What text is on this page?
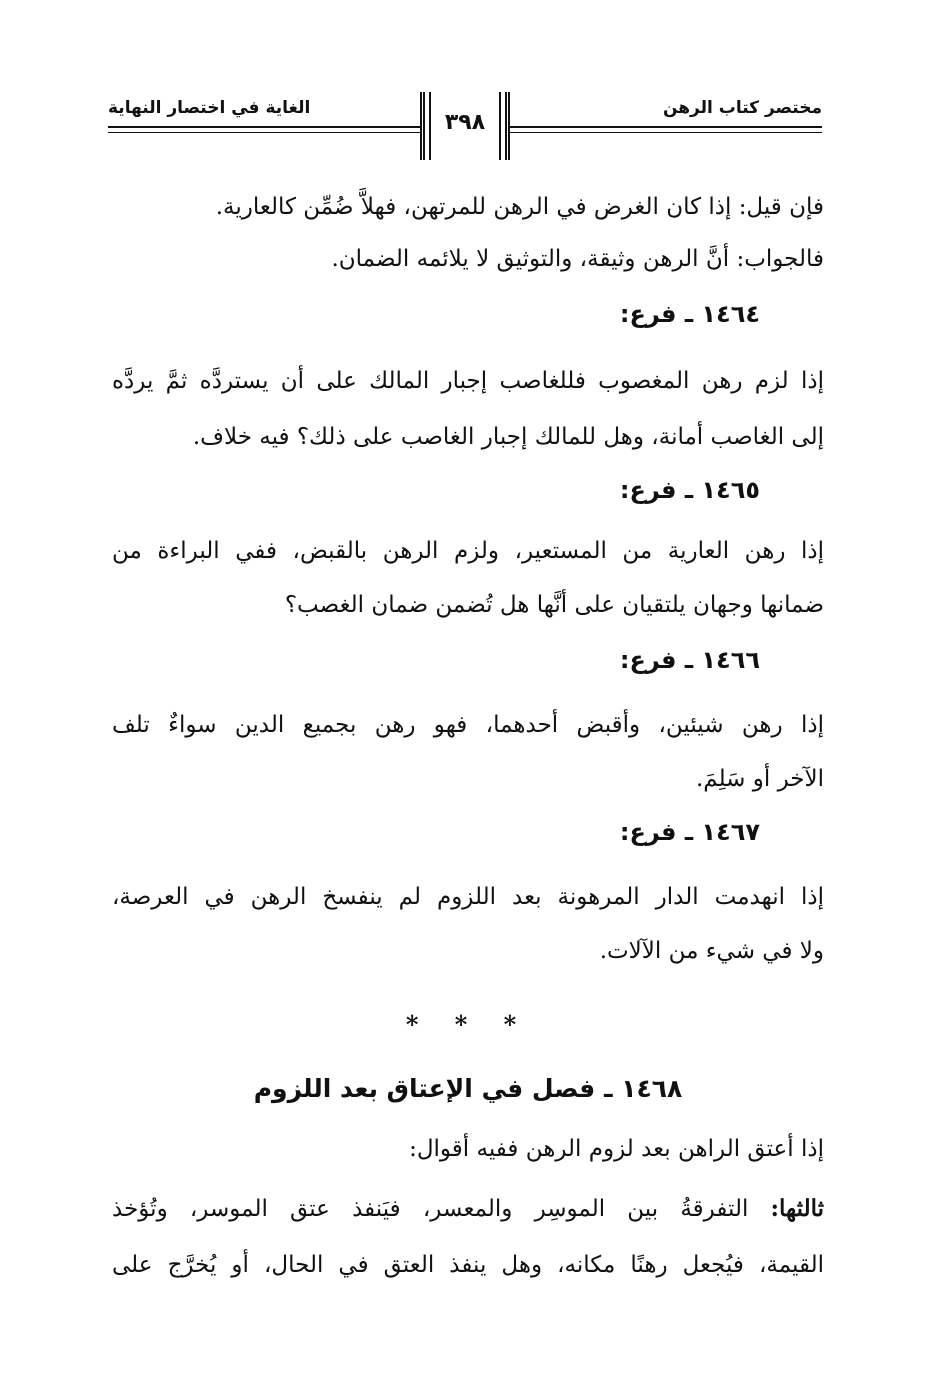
مختصر كتاب الرهن
الغاية في اختصار النهاية
٣٩٨
فإن قيل: إذا كان الغرض في الرهن للمرتهن، فهلاَّ ضُمِّن كالعارية.
فالجواب: أنَّ الرهن وثيقة، والتوثيق لا يلائمه الضمان.
١٤٦٤ ـ فرع:
إذا لزم رهن المغصوب فللغاصب إجبار المالك على أن يستردَّه ثمَّ يردَّه
إلى الغاصب أمانة، وهل للمالك إجبار الغاصب على ذلك؟ فيه خلاف.
١٤٦٥ ـ فرع:
إذا رهن العارية من المستعير، ولزم الرهن بالقبض، ففي البراءة من
ضمانها وجهان يلتقيان على أنَّها هل تُضمن ضمان الغصب؟
١٤٦٦ ـ فرع:
إذا رهن شيئين، وأقبض أحدهما، فهو رهن بجميع الدين سواءٌ تلف
الآخر أو سَلِمَ.
١٤٦٧ ـ فرع:
إذا انهدمت الدار المرهونة بعد اللزوم لم ينفسخ الرهن في العرصة،
ولا في شيء من الآلات.
* * *
١٤٦٨ ـ فصل في الإعتاق بعد اللزوم
إذا أعتق الراهن بعد لزوم الرهن ففيه أقوال:
ثالثها: التفرقةُ بين الموسِر والمعسر، فيَنفذ عتق الموسر، وتُؤخذ
القيمة، فيُجعل رهنًا مكانه، وهل ينفذ العتق في الحال، أو يُخرَّج على
